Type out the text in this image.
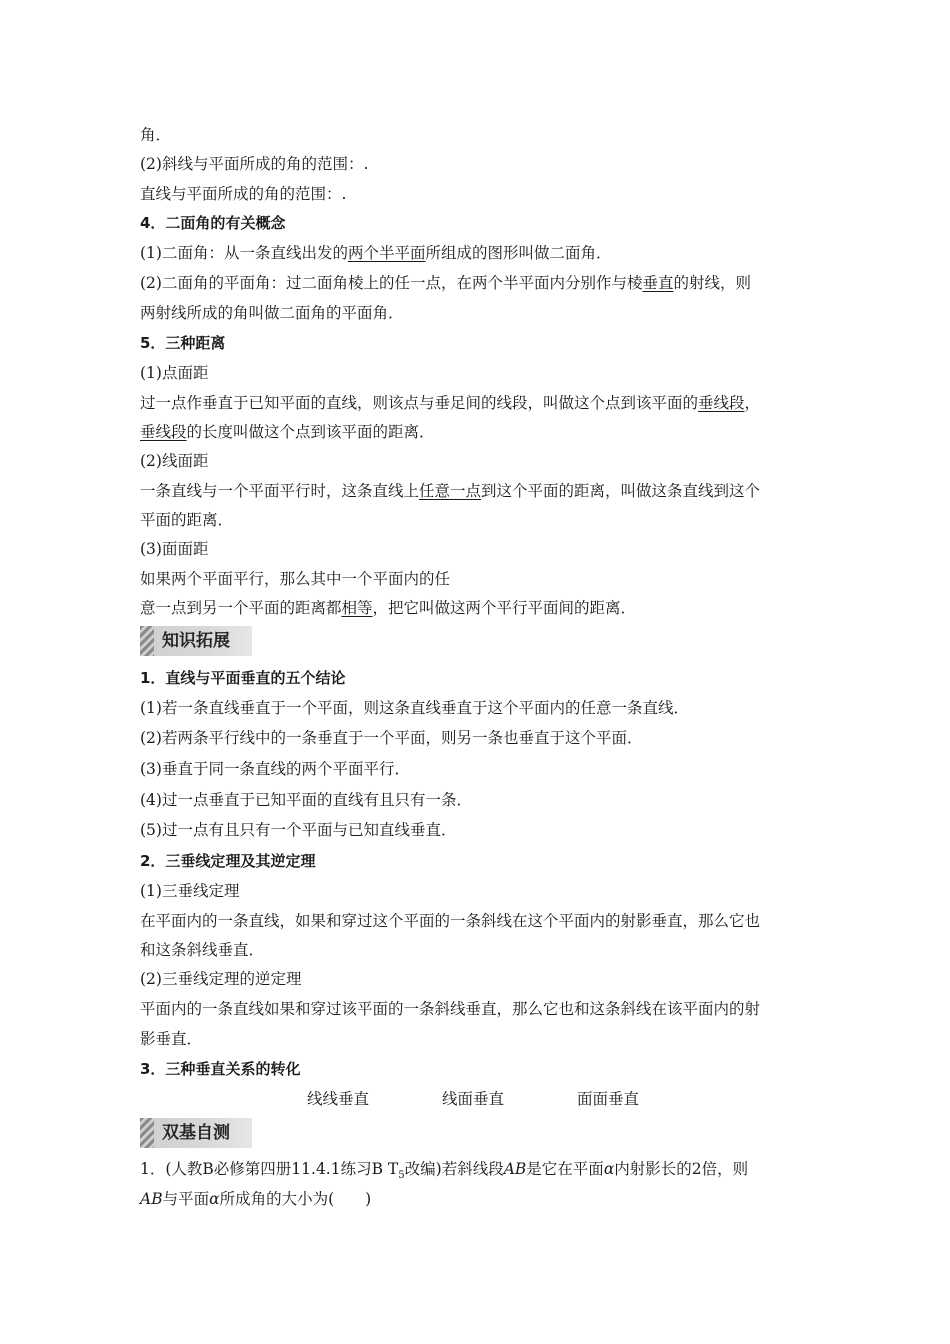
角．
(2)斜线与平面所成的角的范围：.
直线与平面所成的角的范围：.
4．二面角的有关概念
(1)二面角：从一条直线出发的两个半平面所组成的图形叫做二面角．
(2)二面角的平面角：过二面角棱上的任一点，在两个半平面内分别作与棱垂直的射线，则
两射线所成的角叫做二面角的平面角．
5．三种距离
(1)点面距
过一点作垂直于已知平面的直线，则该点与垂足间的线段，叫做这个点到该平面的垂线段，
垂线段的长度叫做这个点到该平面的距离．
(2)线面距
一条直线与一个平面平行时，这条直线上任意一点到这个平面的距离，叫做这条直线到这个
平面的距离．
(3)面面距
如果两个平面平行，那么其中一个平面内的任
意一点到另一个平面的距离都相等，把它叫做这两个平行平面间的距离．
知识拓展
1．直线与平面垂直的五个结论
(1)若一条直线垂直于一个平面，则这条直线垂直于这个平面内的任意一条直线．
(2)若两条平行线中的一条垂直于一个平面，则另一条也垂直于这个平面．
(3)垂直于同一条直线的两个平面平行．
(4)过一点垂直于已知平面的直线有且只有一条．
(5)过一点有且只有一个平面与已知直线垂直．
2．三垂线定理及其逆定理
(1)三垂线定理
在平面内的一条直线，如果和穿过这个平面的一条斜线在这个平面内的射影垂直，那么它也
和这条斜线垂直．
(2)三垂线定理的逆定理
平面内的一条直线如果和穿过该平面的一条斜线垂直，那么它也和这条斜线在该平面内的射
影垂直．
3．三种垂直关系的转化
线线垂直	线面垂直	面面垂直
双基自测
1．(人教B必修第四册11.4.1练习B $T_5$改编)若斜线段AB是它在平面α内射影长的2倍，则
AB与平面α所成角的大小为(　　)
